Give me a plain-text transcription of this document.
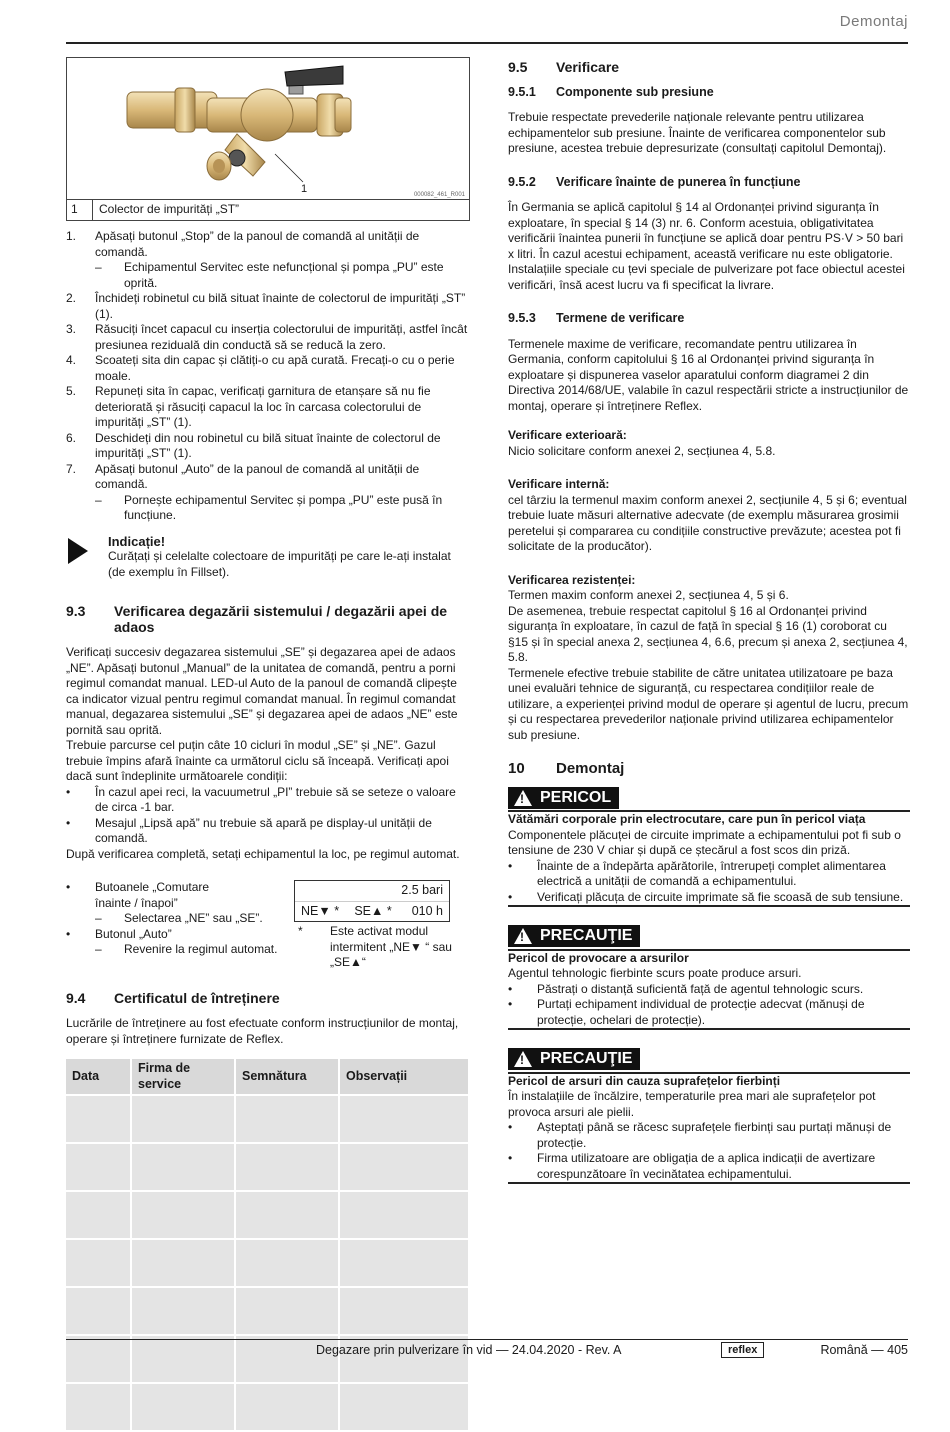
Demontaj
1	000082_461_R001
1	Colector de impurități „ST”
1.	Apăsați butonul „Stop” de la panoul de comandă al unității de comandă.
–	Echipamentul Servitec este nefuncțional și pompa „PU” este oprită.
2.	Închideți robinetul cu bilă situat înainte de colectorul de impurități „ST” (1).
3.	Răsuciți încet capacul cu inserția colectorului de impurități, astfel încât presiunea reziduală din conductă să se reducă la zero.
4.	Scoateți sita din capac și clătiți-o cu apă curată. Frecați-o cu o perie moale.
5.	Repuneți sita în capac, verificați garnitura de etanșare să nu fie deteriorată și răsuciți capacul la loc în carcasa colectorului de impurități „ST” (1).
6.	Deschideți din nou robinetul cu bilă situat înainte de colectorul de impurități „ST” (1).
7.	Apăsați butonul „Auto” de la panoul de comandă al unității de comandă.
–	Pornește echipamentul Servitec și pompa „PU” este pusă în funcțiune.
Indicație!
Curățați și celelalte colectoare de impurități pe care le-ați instalat (de exemplu în Fillset).
9.3	Verificarea degazării sistemului / degazării apei de adaos

Verificați succesiv degazarea sistemului „SE” și degazarea apei de adaos „NE”. Apăsați butonul „Manual” de la unitatea de comandă, pentru a porni regimul comandat manual. LED-ul Auto de la panoul de comandă clipește ca indicator vizual pentru regimul comandat manual. În regimul comandat manual, degazarea sistemului „SE” și degazarea apei de adaos „NE” este pornită sau oprită.

Trebuie parcurse cel puțin câte 10 cicluri în modul „SE” și „NE”. Gazul trebuie împins afară înainte ca următorul ciclu să înceapă. Verificați apoi dacă sunt îndeplinite următoarele condiții:

•	În cazul apei reci, la vacuumetrul „PI” trebuie să se seteze o valoare de circa -1 bar.
•	Mesajul „Lipsă apă” nu trebuie să apară pe display-ul unității de comandă.

După verificarea completă, setați echipamentul la loc, pe regimul automat.

•	Butoanele „Comutare înainte / înapoi”
–	Selectarea „NE” sau „SE”.
•	Butonul „Auto”
–	Revenire la regimul automat.
2.5 bari
NE▼ * SE▲ * 010 h
*	Este activat modul intermitent „NE▼ “ sau „SE▲“
9.4	Certificatul de întreținere

Lucrările de întreținere au fost efectuate conform instrucțiunilor de montaj, operare și întreținere furnizate de Reflex.

Data	Firma de service	Semnătura	Observații

9.5	Verificare
9.5.1	Componente sub presiune

Trebuie respectate prevederile naționale relevante pentru utilizarea echipamentelor sub presiune. Înainte de verificarea componentelor sub presiune, acestea trebuie depresurizate (consultați capitolul Demontaj).

9.5.2	Verificare înainte de punerea în funcțiune

În Germania se aplică capitolul § 14 al Ordonanței privind siguranța în exploatare, în special § 14 (3) nr. 6. Conform acestuia, obligativitatea verificării înaintea punerii în funcțiune se aplică doar pentru PS·V > 50 bari x litri. În cazul acestui echipament, această verificare nu este obligatorie. Instalațiile speciale cu țevi speciale de pulverizare pot face obiectul acestei verificări, însă acest lucru va fi specificat la livrare.

9.5.3	Termene de verificare

Termenele maxime de verificare, recomandate pentru utilizarea în Germania, conform capitolului § 16 al Ordonanței privind siguranța în exploatare și dispunerea vaselor aparatului conform diagramei 2 din Directiva 2014/68/UE, valabile în cazul respectării stricte a instrucțiunilor de montaj, operare și întreținere Reflex.

Verificare exterioară:

Nicio solicitare conform anexei 2, secțiunea 4, 5.8.

Verificare internă:

cel târziu la termenul maxim conform anexei 2, secțiunile 4, 5 și 6; eventual trebuie luate măsuri alternative adecvate (de exemplu măsurarea grosimii peretelui și compararea cu condițiile constructive prevăzute; acestea pot fi solicitate de la producător).

Verificarea rezistenței:

Termen maxim conform anexei 2, secțiunea 4, 5 și 6.

De asemenea, trebuie respectat capitolul § 16 al Ordonanței privind siguranța în exploatare, în cazul de față în special § 16 (1) coroborat cu §15 și în special anexa 2, secțiunea 4, 6.6, precum și anexa 2, secțiunea 4, 5.8.

Termenele efective trebuie stabilite de către unitatea utilizatoare pe baza unei evaluări tehnice de siguranță, cu respectarea condițiilor reale de utilizare, a experienței privind modul de operare și agentul de lucru, precum și cu respectarea prevederilor naționale privind utilizarea echipamentelor sub presiune.

10	Demontaj
! PERICOL
Vătămări corporale prin electrocutare, care pun în pericol viața
Componentele plăcuței de circuite imprimate a echipamentului pot fi sub o tensiune de 230 V chiar și după ce ștecărul a fost scos din priză.
•	Înainte de a îndepărta apărătorile, întrerupeți complet alimentarea electrică a unității de comandă a echipamentului.
•	Verificați plăcuța de circuite imprimate să fie scoasă de sub tensiune.
! PRECAUŢIE
Pericol de provocare a arsurilor
Agentul tehnologic fierbinte scurs poate produce arsuri.
•	Păstrați o distanță suficientă față de agentul tehnologic scurs.
•	Purtați echipament individual de protecție adecvat (mănuși de protecție, ochelari de protecție).
! PRECAUŢIE
Pericol de arsuri din cauza suprafețelor fierbinți
În instalațiile de încălzire, temperaturile prea mari ale suprafețelor pot provoca arsuri ale pielii.
•	Așteptați până se răcesc suprafețele fierbinți sau purtați mănuși de protecție.
•	Firma utilizatoare are obligația de a aplica indicații de avertizare corespunzătoare în vecinătatea echipamentului.
Degazare prin pulverizare în vid — 24.04.2020 - Rev. A	reflex	Română — 405
